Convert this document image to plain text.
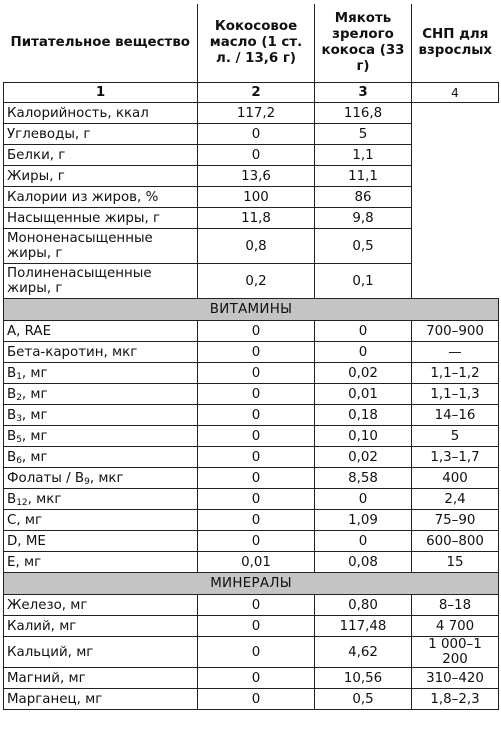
Питательное вещество	Кокосовое масло (1 ст. л. / 13,6 г)	Мякоть зрелого кокоса (33 г)	СНП для взрослых
1	2	3	4
Калорийность, ккал	117,2	116,8	
Углеводы, г	0	5	
Белки, г	0	1,1	
Жиры, г	13,6	11,1	
Калории из жиров, %	100	86	
Насыщенные жиры, г	11,8	9,8	
Мононенасыщенные жиры, г	0,8	0,5	
Полиненасыщенные жиры, г	0,2	0,1	
ВИТАМИНЫ			
A, RAE	0	0	700–900
Бета-каротин, мкг	0	0	—
$B_1$, мг	0	0,02	1,1–1,2
$B_2$, мг	0	0,01	1,1–1,3
$B_3$, мг	0	0,18	14–16
$B_5$, мг	0	0,10	5
$B_6$, мг	0	0,02	1,3–1,7
Фолаты / $B_9$, мкг	0	8,58	400
$B_{12}$, мкг	0	0	2,4
C, мг	0	1,09	75–90
D, ME	0	0	600–800
E, мг	0,01	0,08	15
МИНЕРАЛЫ			
Железо, мг	0	0,80	8–18
Калий, мг	0	117,48	4 700
Кальций, мг	0	4,62	1 000–1 200
Магний, мг	0	10,56	310–420
Марганец, мг	0	0,5	1,8–2,3
